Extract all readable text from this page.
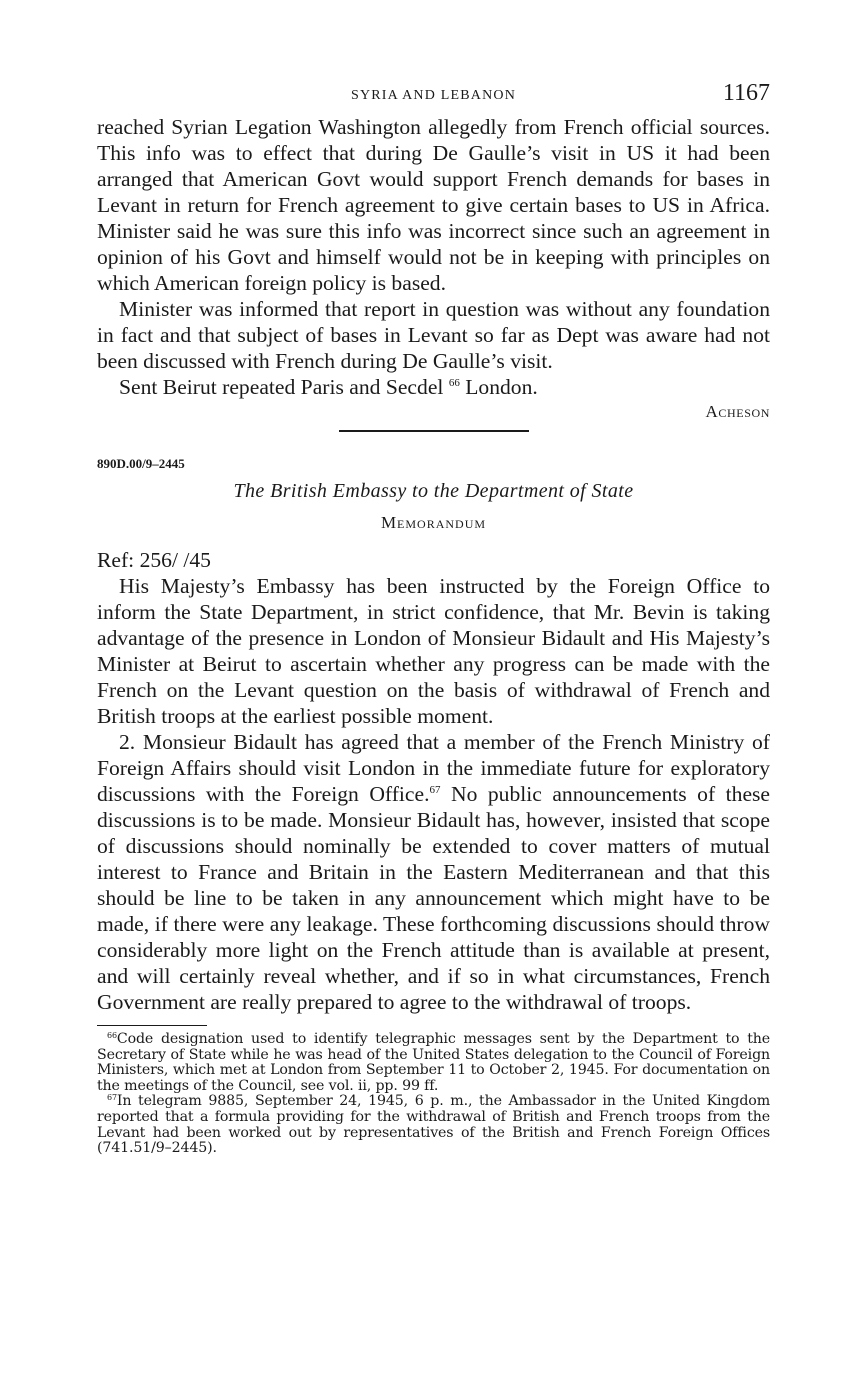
SYRIA AND LEBANON	1167

reached Syrian Legation Washington allegedly from French official sources. This info was to effect that during De Gaulle’s visit in US it had been arranged that American Govt would support French demands for bases in Levant in return for French agreement to give certain bases to US in Africa. Minister said he was sure this info was incorrect since such an agreement in opinion of his Govt and himself would not be in keeping with principles on which American foreign policy is based.

Minister was informed that report in question was without any foundation in fact and that subject of bases in Levant so far as Dept was aware had not been discussed with French during De Gaulle’s visit.

Sent Beirut repeated Paris and Secdel $^{66}$ London.

Acheson
890D.00/9–2445
The British Embassy to the Department of State
Memorandum
Ref: 256/ /45

His Majesty’s Embassy has been instructed by the Foreign Office to inform the State Department, in strict confidence, that Mr. Bevin is taking advantage of the presence in London of Monsieur Bidault and His Majesty’s Minister at Beirut to ascertain whether any progress can be made with the French on the Levant question on the basis of withdrawal of French and British troops at the earliest possible moment.

2. Monsieur Bidault has agreed that a member of the French Ministry of Foreign Affairs should visit London in the immediate future for exploratory discussions with the Foreign Office.$^{67}$ No public announcements of these discussions is to be made. Monsieur Bidault has, however, insisted that scope of discussions should nominally be extended to cover matters of mutual interest to France and Britain in the Eastern Mediterranean and that this should be line to be taken in any announcement which might have to be made, if there were any leakage. These forthcoming discussions should throw considerably more light on the French attitude than is available at present, and will certainly reveal whether, and if so in what circumstances, French Government are really prepared to agree to the withdrawal of troops.

$^{66}$Code designation used to identify telegraphic messages sent by the Department to the Secretary of State while he was head of the United States delegation to the Council of Foreign Ministers, which met at London from September 11 to October 2, 1945. For documentation on the meetings of the Council, see vol. ii, pp. 99 ff.

$^{67}$In telegram 9885, September 24, 1945, 6 p. m., the Ambassador in the United Kingdom reported that a formula providing for the withdrawal of British and French troops from the Levant had been worked out by representatives of the British and French Foreign Offices (741.51/9–2445).
